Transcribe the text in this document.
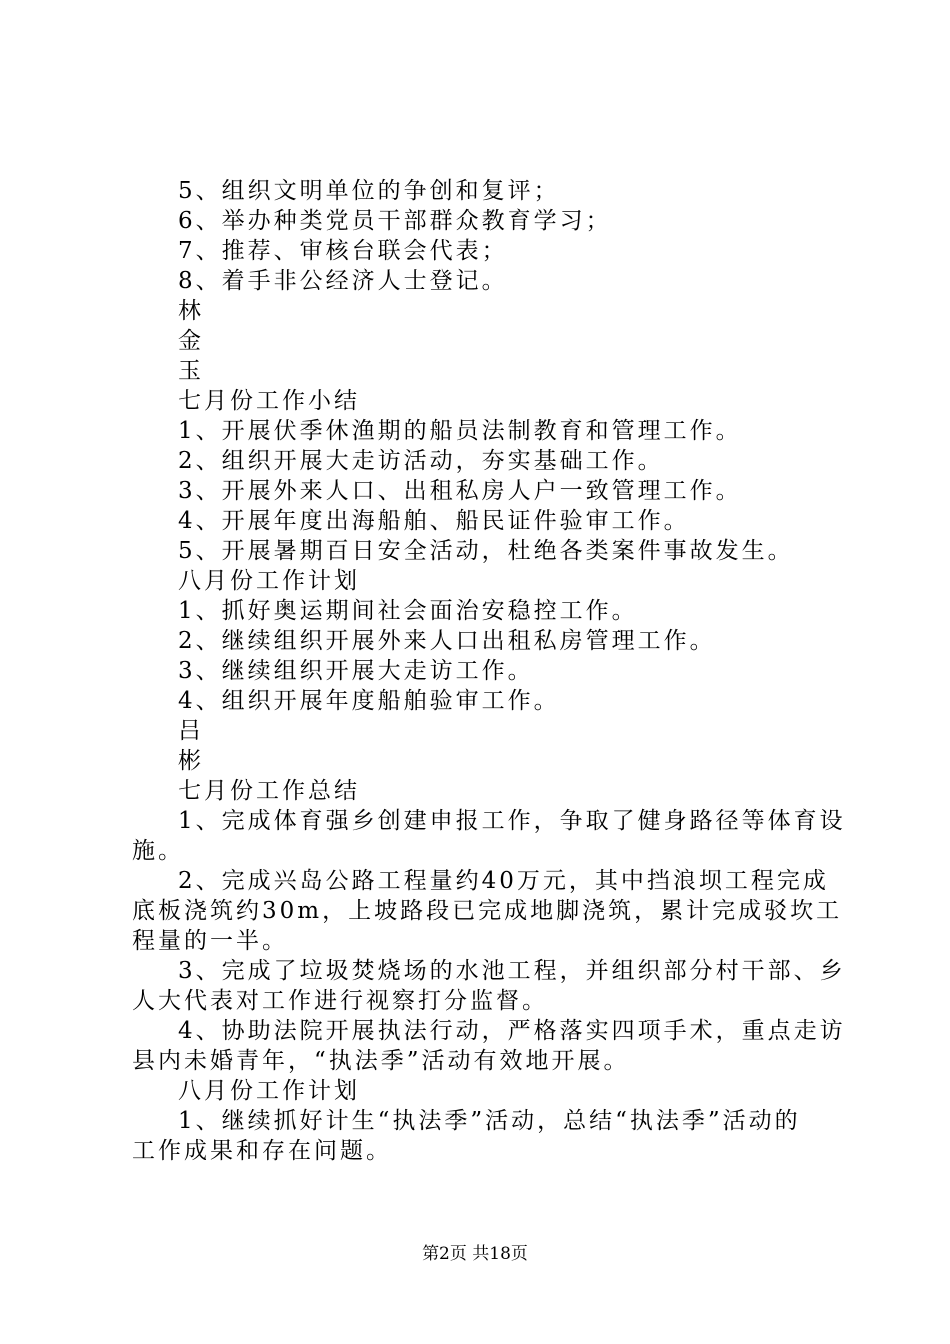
5、组织文明单位的争创和复评；

6、举办种类党员干部群众教育学习；

7、推荐、审核台联会代表；

8、着手非公经济人士登记。

林

金

玉

七月份工作小结

1、开展伏季休渔期的船员法制教育和管理工作。

2、组织开展大走访活动，夯实基础工作。

3、开展外来人口、出租私房人户一致管理工作。

4、开展年度出海船舶、船民证件验审工作。

5、开展暑期百日安全活动，杜绝各类案件事故发生。

八月份工作计划

1、抓好奥运期间社会面治安稳控工作。

2、继续组织开展外来人口出租私房管理工作。

3、继续组织开展大走访工作。

4、组织开展年度船舶验审工作。

吕

彬

七月份工作总结

1、完成体育强乡创建申报工作，争取了健身路径等体育设
施。
2、完成兴岛公路工程量约40万元，其中挡浪坝工程完成
底板浇筑约30m，上坡路段已完成地脚浇筑，累计完成驳坎工
程量的一半。
3、完成了垃圾焚烧场的水池工程，并组织部分村干部、乡
人大代表对工作进行视察打分监督。
4、协助法院开展执法行动，严格落实四项手术，重点走访
县内未婚青年，“执法季”活动有效地开展。

八月份工作计划

1、继续抓好计生“执法季”活动，总结“执法季”活动的
工作成果和存在问题。
第2页 共18页
